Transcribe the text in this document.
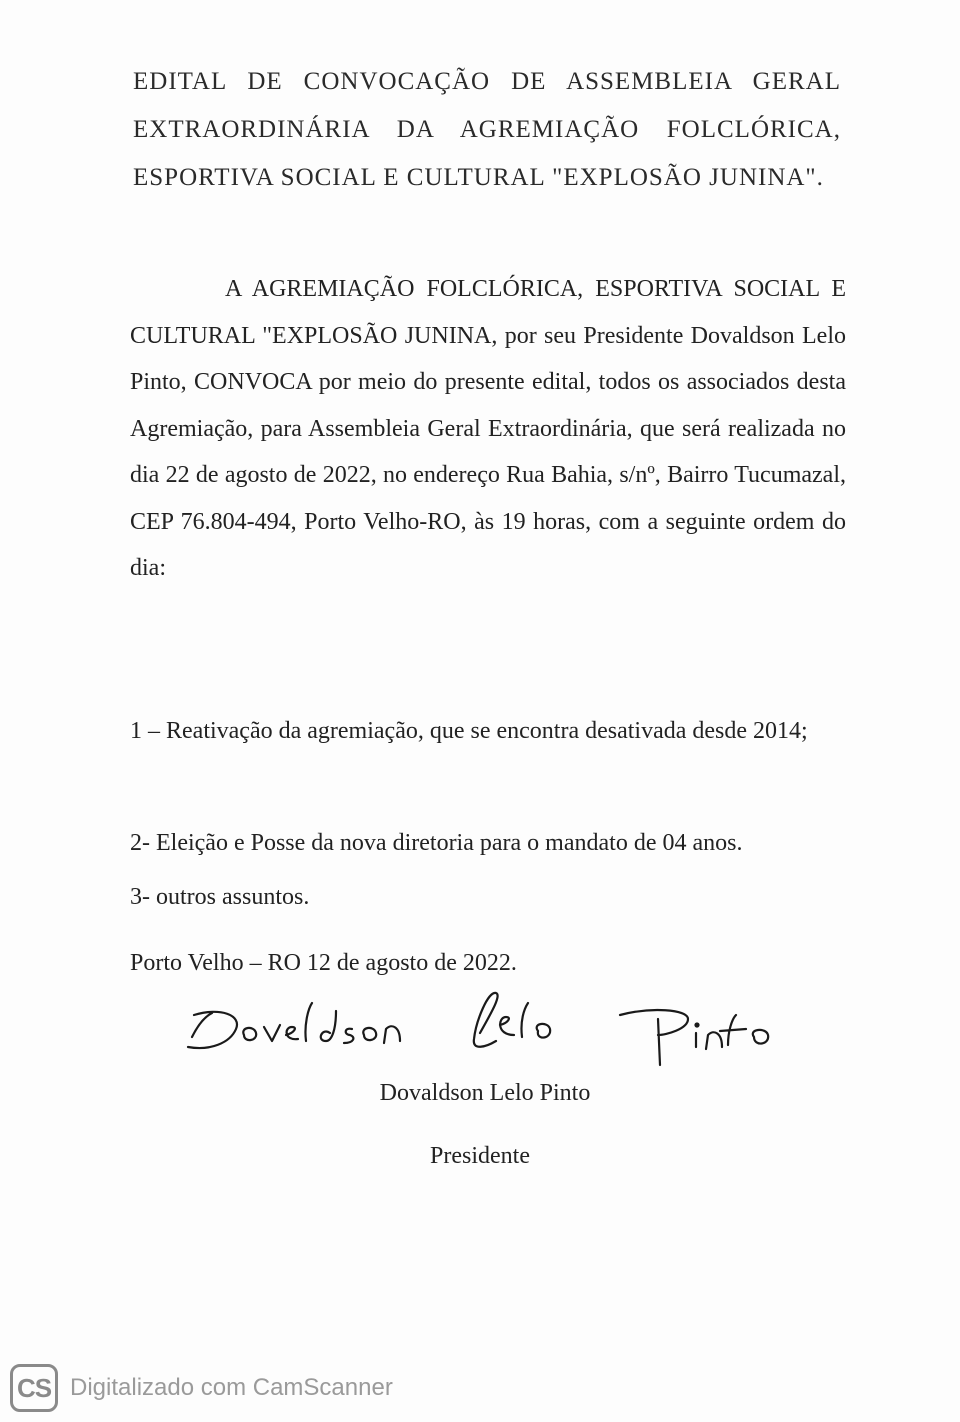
EDITAL DE CONVOCAÇÃO DE ASSEMBLEIA GERAL
EXTRAORDINÁRIA DA AGREMIAÇÃO FOLCLÓRICA,
ESPORTIVA SOCIAL E CULTURAL "EXPLOSÃO JUNINA".

A AGREMIAÇÃO FOLCLÓRICA, ESPORTIVA SOCIAL E CULTURAL "EXPLOSÃO JUNINA, por seu Presidente Dovaldson Lelo Pinto, CONVOCA por meio do presente edital, todos os associados desta Agremiação, para Assembleia Geral Extraordinária, que será realizada no dia 22 de agosto de 2022, no endereço Rua Bahia, s/nº, Bairro Tucumazal, CEP 76.804-494, Porto Velho-RO, às 19 horas, com a seguinte ordem do dia:

1 – Reativação da agremiação, que se encontra desativada desde 2014;

2- Eleição e Posse da nova diretoria para o mandato de 04 anos.

3- outros assuntos.

Porto Velho – RO 12 de agosto de 2022.

Dovaldson Lelo Pinto

Presidente

CS Digitalizado com CamScanner
